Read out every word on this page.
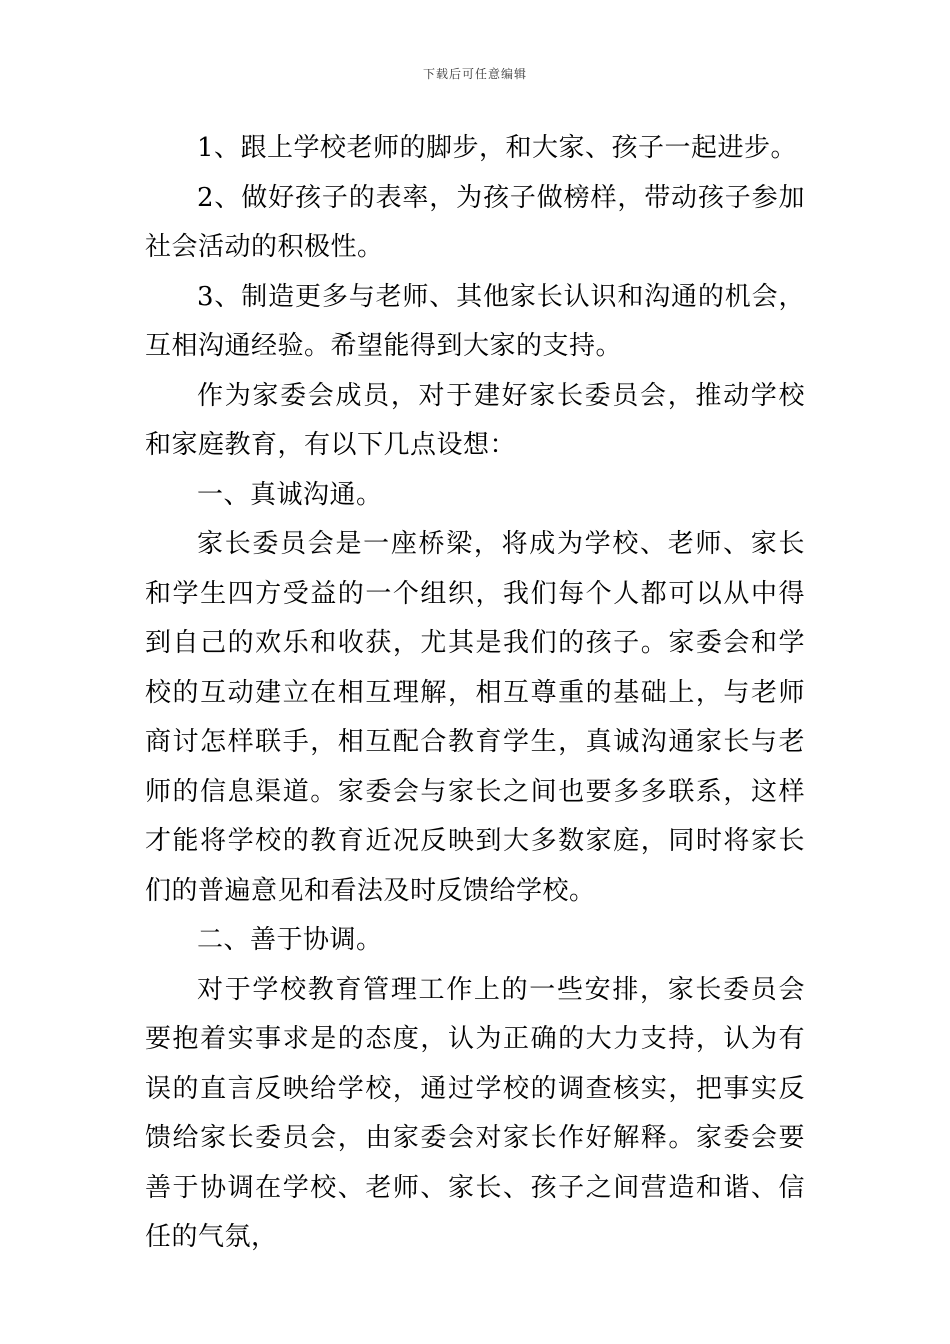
下载后可任意编辑

1、跟上学校老师的脚步，和大家、孩子一起进步。

2、做好孩子的表率，为孩子做榜样，带动孩子参加社会活动的积极性。

3、制造更多与老师、其他家长认识和沟通的机会，互相沟通经验。希望能得到大家的支持。

作为家委会成员，对于建好家长委员会，推动学校和家庭教育，有以下几点设想：

一、真诚沟通。

家长委员会是一座桥梁，将成为学校、老师、家长和学生四方受益的一个组织，我们每个人都可以从中得到自己的欢乐和收获，尤其是我们的孩子。家委会和学校的互动建立在相互理解，相互尊重的基础上，与老师商讨怎样联手，相互配合教育学生，真诚沟通家长与老师的信息渠道。家委会与家长之间也要多多联系，这样才能将学校的教育近况反映到大多数家庭，同时将家长们的普遍意见和看法及时反馈给学校。

二、善于协调。

对于学校教育管理工作上的一些安排，家长委员会要抱着实事求是的态度，认为正确的大力支持，认为有误的直言反映给学校，通过学校的调查核实，把事实反馈给家长委员会，由家委会对家长作好解释。家委会要善于协调在学校、老师、家长、孩子之间营造和谐、信任的气氛，
